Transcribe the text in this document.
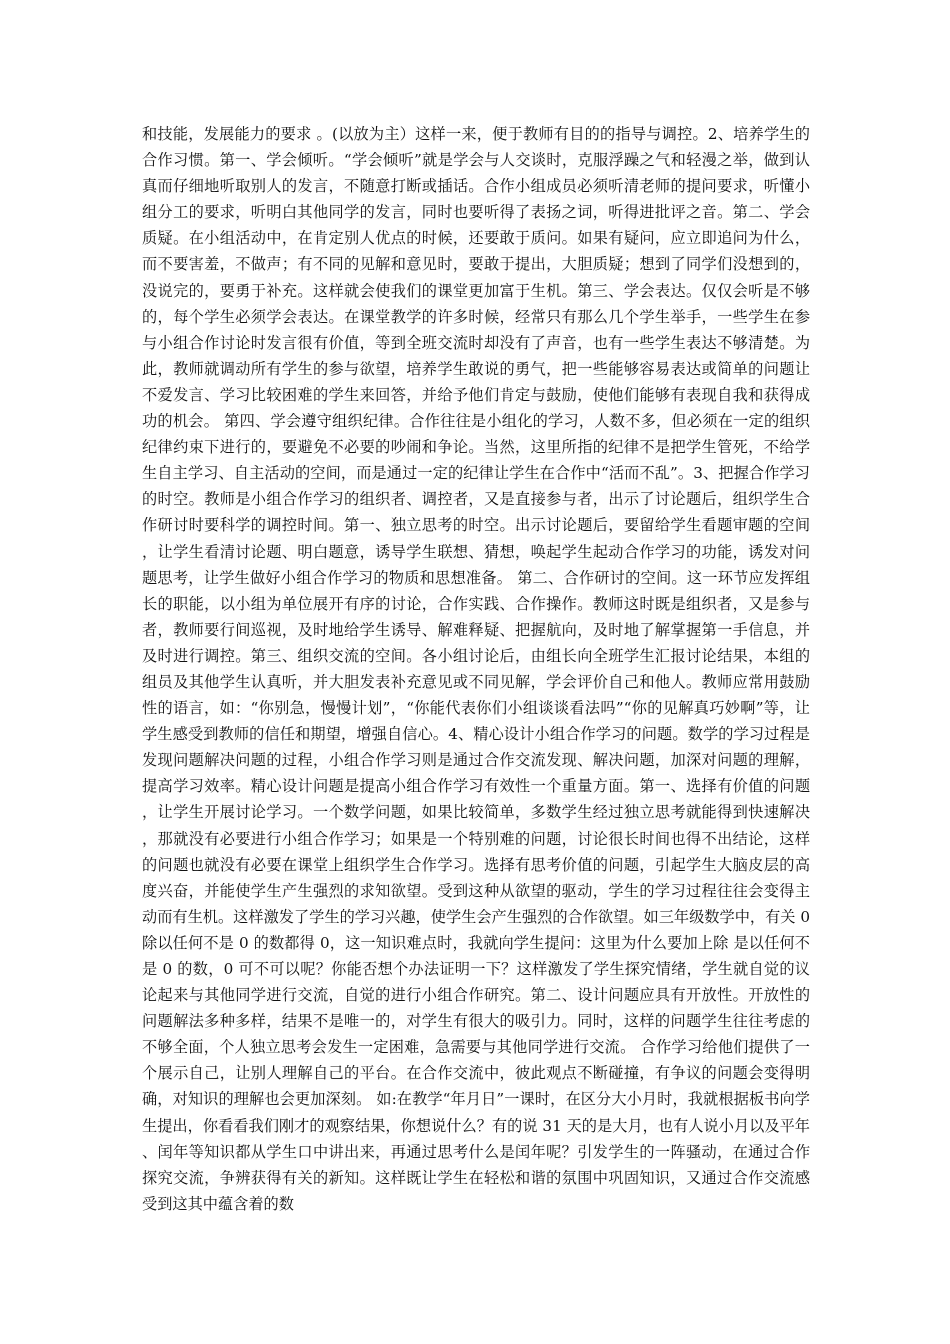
和技能，发展能力的要求 。(以放为主）这样一来，便于教师有目的的指导与调控。2、培养学生的合作习惯。第一、学会倾听。“学会倾听”就是学会与人交谈时，克服浮躁之气和轻漫之举，做到认真而仔细地听取别人的发言，不随意打断或插话。合作小组成员必须听清老师的提问要求，听懂小组分工的要求，听明白其他同学的发言，同时也要听得了表扬之词，听得进批评之音。第二、学会质疑。在小组活动中，在肯定别人优点的时候，还要敢于质问。如果有疑问，应立即追问为什么，而不要害羞，不做声；有不同的见解和意见时，要敢于提出，大胆质疑；想到了同学们没想到的，没说完的，要勇于补充。这样就会使我们的课堂更加富于生机。第三、学会表达。仅仅会听是不够的，每个学生必须学会表达。在课堂教学的许多时候，经常只有那么几个学生举手，一些学生在参与小组合作讨论时发言很有价值，等到全班交流时却没有了声音，也有一些学生表达不够清楚。为此，教师就调动所有学生的参与欲望，培养学生敢说的勇气，把一些能够容易表达或简单的问题让不爱发言、学习比较困难的学生来回答，并给予他们肯定与鼓励，使他们能够有表现自我和获得成功的机会。 第四、学会遵守组织纪律。合作往往是小组化的学习，人数不多，但必须在一定的组织纪律约束下进行的，要避免不必要的吵闹和争论。当然，这里所指的纪律不是把学生管死，不给学生自主学习、自主活动的空间，而是通过一定的纪律让学生在合作中“活而不乱”。3、把握合作学习的时空。教师是小组合作学习的组织者、调控者，又是直接参与者，出示了讨论题后，组织学生合作研讨时要科学的调控时间。第一、独立思考的时空。出示讨论题后，要留给学生看题审题的空间，让学生看清讨论题、明白题意，诱导学生联想、猜想，唤起学生起动合作学习的功能，诱发对问题思考，让学生做好小组合作学习的物质和思想准备。 第二、合作研讨的空间。这一环节应发挥组长的职能，以小组为单位展开有序的讨论，合作实践、合作操作。教师这时既是组织者，又是参与者，教师要行间巡视，及时地给学生诱导、解难释疑、把握航向，及时地了解掌握第一手信息，并及时进行调控。第三、组织交流的空间。各小组讨论后，由组长向全班学生汇报讨论结果，本组的组员及其他学生认真听，并大胆发表补充意见或不同见解，学会评价自己和他人。教师应常用鼓励性的语言，如：“你别急，慢慢计划”，“你能代表你们小组谈谈看法吗”“你的见解真巧妙啊”等，让学生感受到教师的信任和期望，增强自信心。4、精心设计小组合作学习的问题。数学的学习过程是发现问题解决问题的过程，小组合作学习则是通过合作交流发现、解决问题，加深对问题的理解，提高学习效率。精心设计问题是提高小组合作学习有效性一个重量方面。第一、选择有价值的问题，让学生开展讨论学习。一个数学问题，如果比较简单，多数学生经过独立思考就能得到快速解决，那就没有必要进行小组合作学习；如果是一个特别难的问题，讨论很长时间也得不出结论，这样的问题也就没有必要在课堂上组织学生合作学习。选择有思考价值的问题，引起学生大脑皮层的高度兴奋，并能使学生产生强烈的求知欲望。受到这种从欲望的驱动，学生的学习过程往往会变得主动而有生机。这样激发了学生的学习兴趣，使学生会产生强烈的合作欲望。如三年级数学中，有关 0 除以任何不是 0 的数都得 0，这一知识难点时，我就向学生提问：这里为什么要加上除 是以任何不是 0 的数，0 可不可以呢？你能否想个办法证明一下？这样激发了学生探究情绪，学生就自觉的议论起来与其他同学进行交流，自觉的进行小组合作研究。第二、设计问题应具有开放性。开放性的问题解法多种多样，结果不是唯一的，对学生有很大的吸引力。同时，这样的问题学生往往考虑的不够全面，个人独立思考会发生一定困难，急需要与其他同学进行交流。 合作学习给他们提供了一个展示自己，让别人理解自己的平台。在合作交流中，彼此观点不断碰撞，有争议的问题会变得明确，对知识的理解也会更加深刻。 如:在教学“年月日”一课时，在区分大小月时，我就根据板书向学生提出，你看看我们刚才的观察结果，你想说什么？有的说 31 天的是大月，也有人说小月以及平年、闰年等知识都从学生口中讲出来，再通过思考什么是闰年呢？引发学生的一阵骚动，在通过合作探究交流，争辨获得有关的新知。这样既让学生在轻松和谐的氛围中巩固知识，又通过合作交流感受到这其中蕴含着的数
